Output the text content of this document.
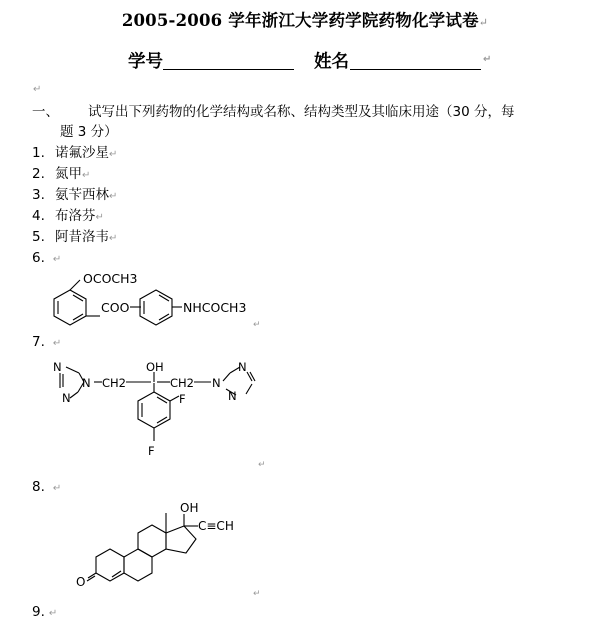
2005-2006 学年浙江大学药学院药物化学试卷↵
学号	姓名	↵
↵
一、 试写出下列药物的化学结构或名称、结构类型及其临床用途（30 分，每
题 3 分）
1. 诺氟沙星↵
2. 氮甲↵
3. 氨苄西林↵
4. 布洛芬↵
5. 阿昔洛韦↵
6. ↵
OCOCH3
COO	NHCOCH3
↵
7. ↵
N
N
N
CH2
OH
CH2 N
N
N
F
F
↵
8. ↵
OH
C≡CH
O
↵
9. ↵
